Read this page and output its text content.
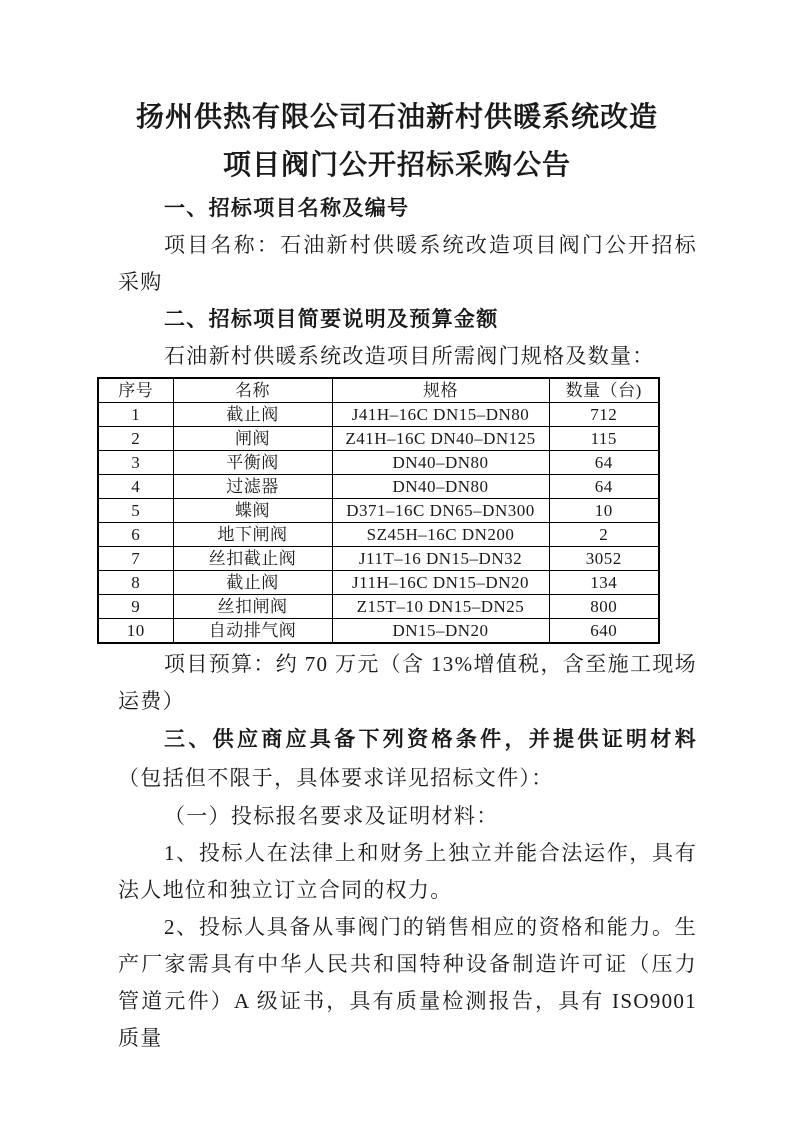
扬州供热有限公司石油新村供暖系统改造
项目阀门公开招标采购公告
一、招标项目名称及编号

项目名称：石油新村供暖系统改造项目阀门公开招标采购

二、招标项目简要说明及预算金额

石油新村供暖系统改造项目所需阀门规格及数量：

序号	名称	规格	数量（台)
1	截止阀	J41H–16C DN15–DN80	712
2	闸阀	Z41H–16C DN40–DN125	115
3	平衡阀	DN40–DN80	64
4	过滤器	DN40–DN80	64
5	蝶阀	D371–16C DN65–DN300	10
6	地下闸阀	SZ45H–16C DN200	2
7	丝扣截止阀	J11T–16 DN15–DN32	3052
8	截止阀	J11H–16C DN15–DN20	134
9	丝扣闸阀	Z15T–10 DN15–DN25	800
10	自动排气阀	DN15–DN20	640

项目预算：约 70 万元（含 13%增值税，含至施工现场运费）

三、供应商应具备下列资格条件，并提供证明材料（包括但不限于，具体要求详见招标文件）：

（一）投标报名要求及证明材料：

1、投标人在法律上和财务上独立并能合法运作，具有法人地位和独立订立合同的权力。

2、投标人具备从事阀门的销售相应的资格和能力。生产厂家需具有中华人民共和国特种设备制造许可证（压力管道元件）A 级证书，具有质量检测报告，具有 ISO9001 质量
